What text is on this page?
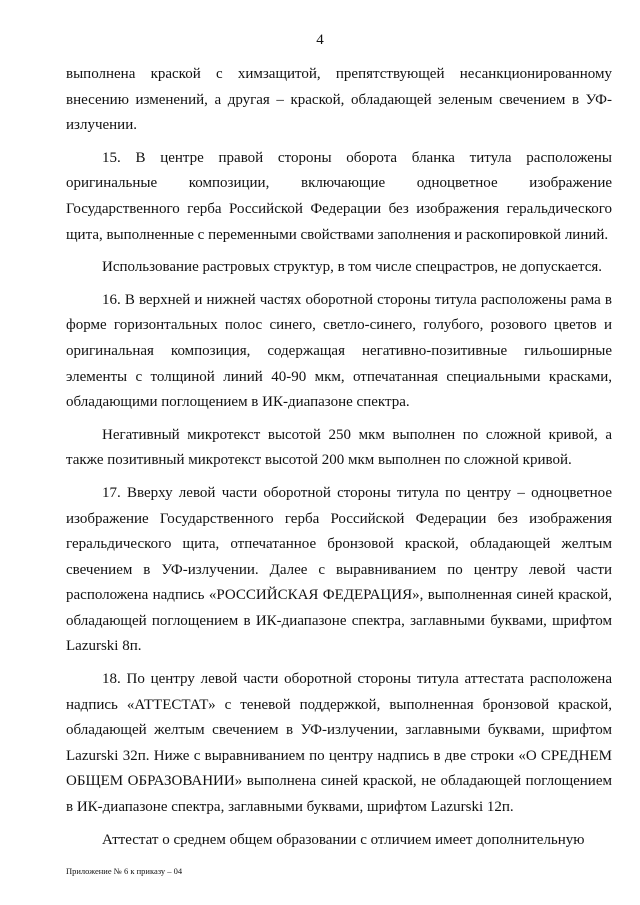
4

выполнена краской с химзащитой, препятствующей несанкционированному внесению изменений, а другая – краской, обладающей зеленым свечением в УФ-излучении.

15. В центре правой стороны оборота бланка титула расположены оригинальные композиции, включающие одноцветное изображение Государственного герба Российской Федерации без изображения геральдического щита, выполненные с переменными свойствами заполнения и раскопировкой линий.

Использование растровых структур, в том числе спецрастров, не допускается.

16. В верхней и нижней частях оборотной стороны титула расположены рама в форме горизонтальных полос синего, светло-синего, голубого, розового цветов и оригинальная композиция, содержащая негативно-позитивные гильоширные элементы с толщиной линий 40-90 мкм, отпечатанная специальными красками, обладающими поглощением в ИК-диапазоне спектра.

Негативный микротекст высотой 250 мкм выполнен по сложной кривой, а также позитивный микротекст высотой 200 мкм выполнен по сложной кривой.

17. Вверху левой части оборотной стороны титула по центру – одноцветное изображение Государственного герба Российской Федерации без изображения геральдического щита, отпечатанное бронзовой краской, обладающей желтым свечением в УФ-излучении. Далее с выравниванием по центру левой части расположена надпись «РОССИЙСКАЯ ФЕДЕРАЦИЯ», выполненная синей краской, обладающей поглощением в ИК-диапазоне спектра, заглавными буквами, шрифтом Lazurski 8п.

18. По центру левой части оборотной стороны титула аттестата расположена надпись «АТТЕСТАТ» с теневой поддержкой, выполненная бронзовой краской, обладающей желтым свечением в УФ-излучении, заглавными буквами, шрифтом Lazurski 32п. Ниже с выравниванием по центру надпись в две строки «О СРЕДНЕМ ОБЩЕМ ОБРАЗОВАНИИ» выполнена синей краской, не обладающей поглощением в ИК-диапазоне спектра, заглавными буквами, шрифтом Lazurski 12п.

Аттестат о среднем общем образовании с отличием имеет дополнительную

Приложение № 6 к приказу – 04
